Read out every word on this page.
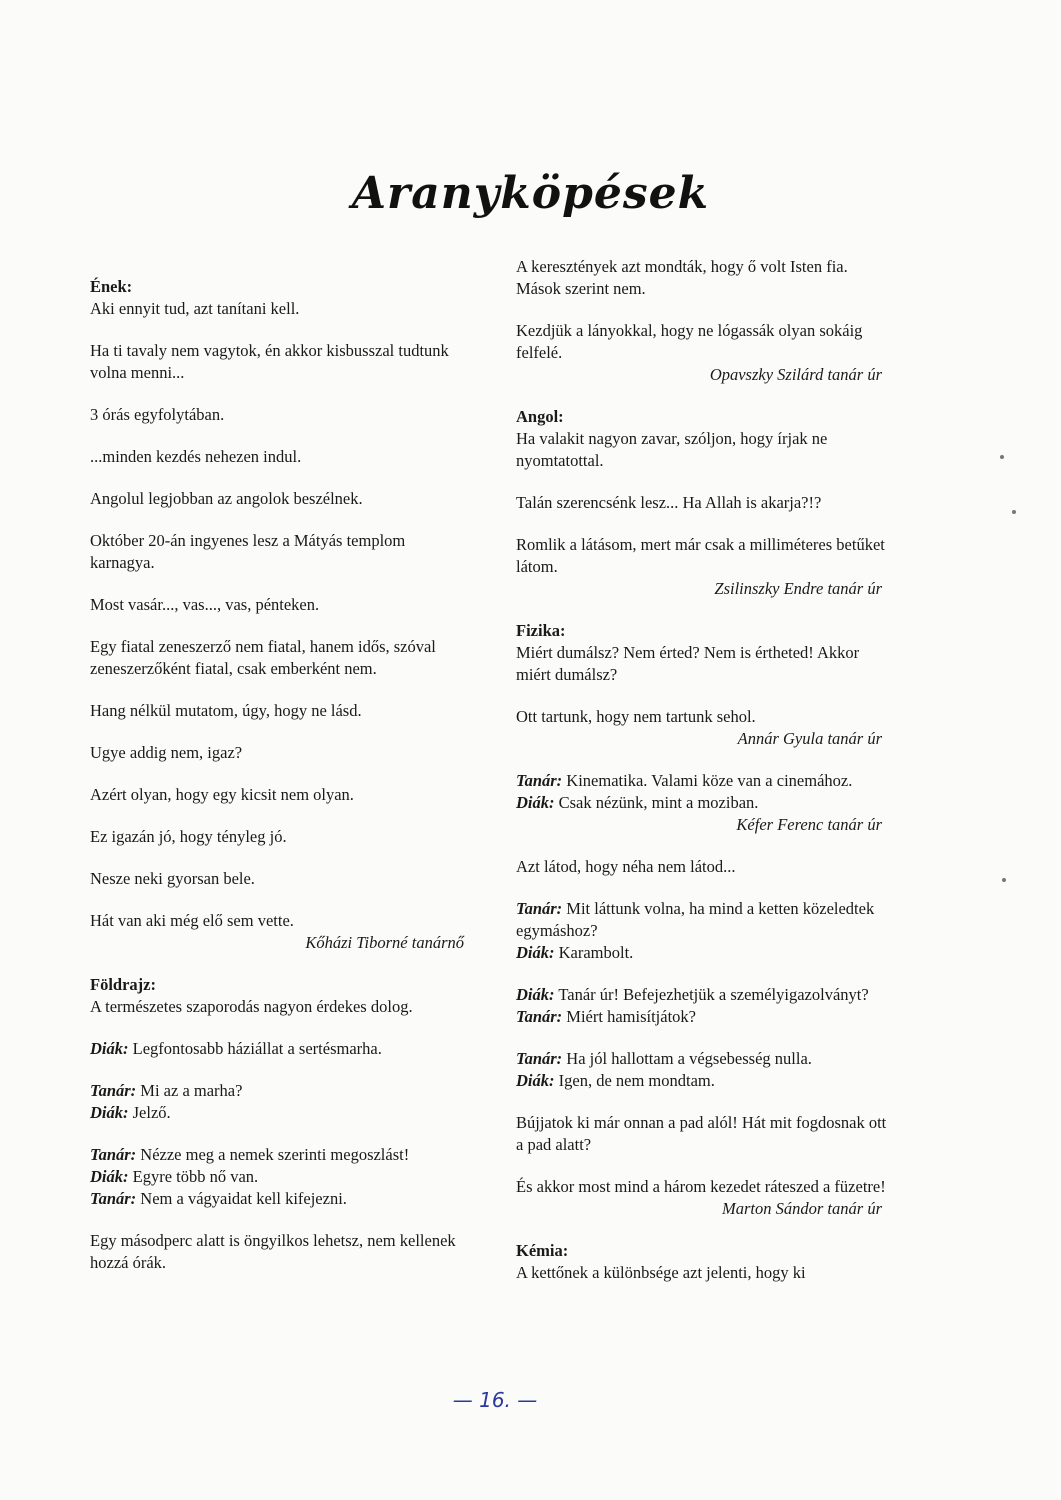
Aranyköpések
Ének:
Aki ennyit tud, azt tanítani kell.
Ha ti tavaly nem vagytok, én akkor kisbusszal tudtunk volna menni...
3 órás egyfolytában.
...minden kezdés nehezen indul.
Angolul legjobban az angolok beszélnek.
Október 20-án ingyenes lesz a Mátyás templom karnagya.
Most vasár..., vas..., vas, pénteken.
Egy fiatal zeneszerző nem fiatal, hanem idős, szóval zeneszerzőként fiatal, csak emberként nem.
Hang nélkül mutatom, úgy, hogy ne lásd.
Ugye addig nem, igaz?
Azért olyan, hogy egy kicsit nem olyan.
Ez igazán jó, hogy tényleg jó.
Nesze neki gyorsan bele.
Hát van aki még elő sem vette.
Kőházi Tiborné tanárnő
Földrajz:
A természetes szaporodás nagyon érdekes dolog.
Diák: Legfontosabb háziállat a sertésmarha.
Tanár: Mi az a marha?
Diák: Jelző.
Tanár: Nézze meg a nemek szerinti megoszlást!
Diák: Egyre több nő van.
Tanár: Nem a vágyaidat kell kifejezni.
Egy másodperc alatt is öngyilkos lehetsz, nem kellenek hozzá órák.
A keresztények azt mondták, hogy ő volt Isten fia. Mások szerint nem.
Kezdjük a lányokkal, hogy ne lógassák olyan sokáig felfelé.
Opavszky Szilárd tanár úr
Angol:
Ha valakit nagyon zavar, szóljon, hogy írjak ne nyomtatottal.
Talán szerencsénk lesz... Ha Allah is akarja?!?
Romlik a látásom, mert már csak a milliméteres betűket látom.
Zsilinszky Endre tanár úr
Fizika:
Miért dumálsz? Nem érted? Nem is értheted! Akkor miért dumálsz?
Ott tartunk, hogy nem tartunk sehol.
Annár Gyula tanár úr
Tanár: Kinematika. Valami köze van a cinemához.
Diák: Csak nézünk, mint a moziban.
Kéfer Ferenc tanár úr
Azt látod, hogy néha nem látod...
Tanár: Mit láttunk volna, ha mind a ketten közeledtek egymáshoz?
Diák: Karambolt.
Diák: Tanár úr! Befejezhetjük a személyigazolványt?
Tanár: Miért hamisítjátok?
Tanár: Ha jól hallottam a végsebesség nulla.
Diák: Igen, de nem mondtam.
Bújjatok ki már onnan a pad alól! Hát mit fogdosnak ott a pad alatt?
És akkor most mind a három kezedet ráteszed a füzetre!
Marton Sándor tanár úr
Kémia:
A kettőnek a különbsége azt jelenti, hogy ki
— 16. —
